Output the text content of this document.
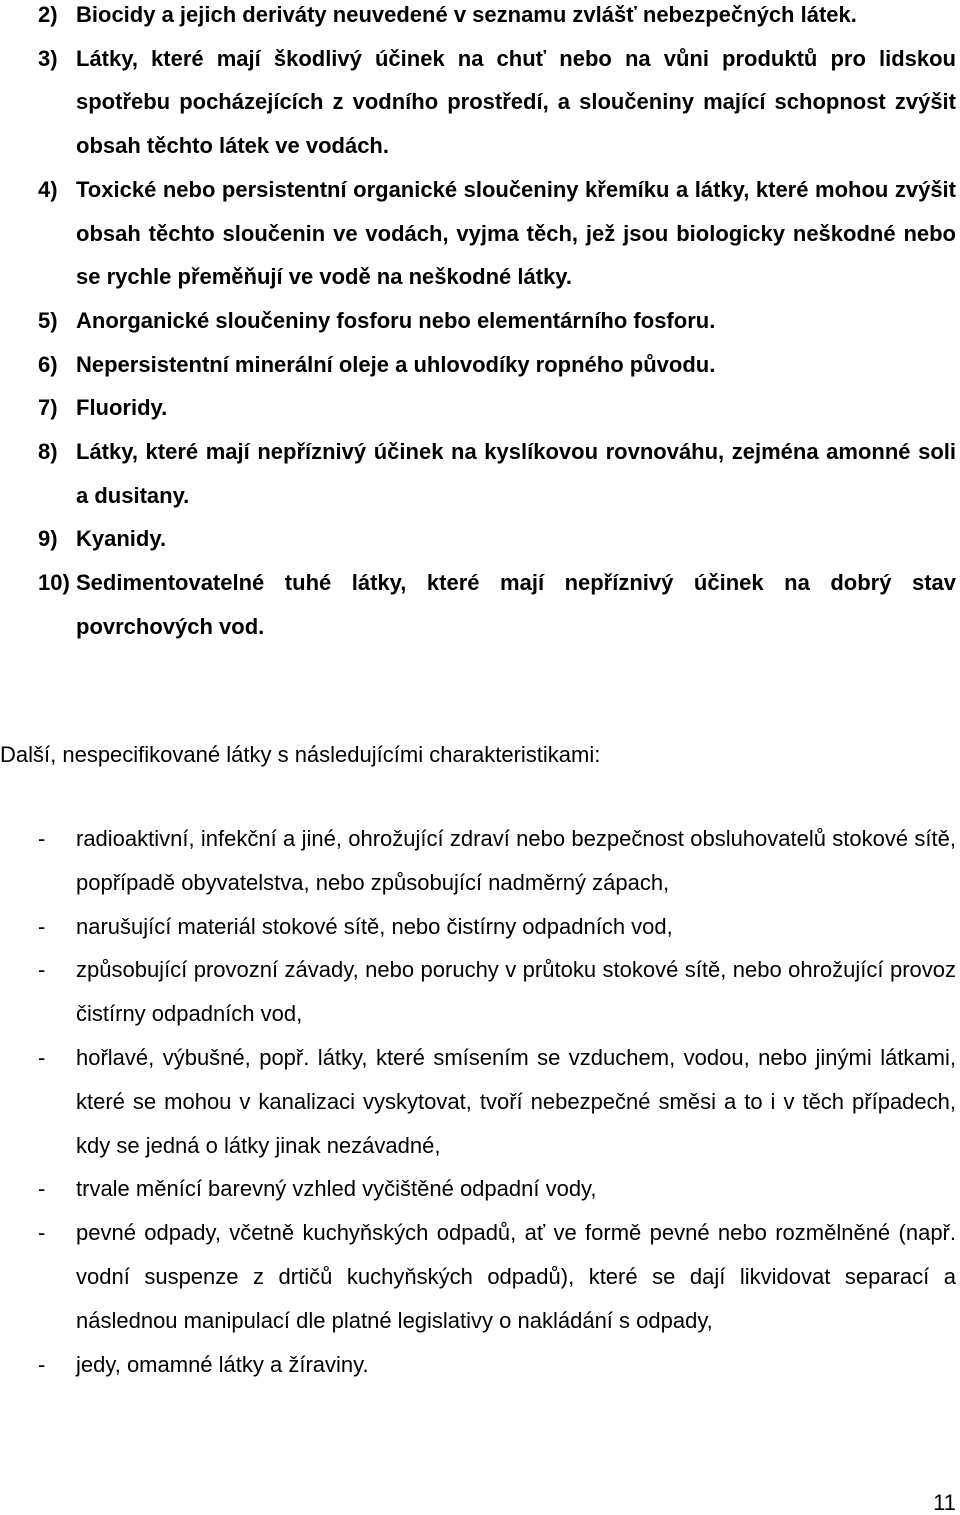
2) Biocidy a jejich deriváty neuvedené v seznamu zvlášť nebezpečných látek.
3) Látky, které mají škodlivý účinek na chuť nebo na vůni produktů pro lidskou spotřebu pocházejících z vodního prostředí, a sloučeniny mající schopnost zvýšit obsah těchto látek ve vodách.
4) Toxické nebo persistentní organické sloučeniny křemíku a látky, které mohou zvýšit obsah těchto sloučenin ve vodách, vyjma těch, jež jsou biologicky neškodné nebo se rychle přeměňují ve vodě na neškodné látky.
5) Anorganické sloučeniny fosforu nebo elementárního fosforu.
6) Nepersistentní minerální oleje a uhlovodíky ropného původu.
7) Fluoridy.
8) Látky, které mají nepříznivý účinek na kyslíkovou rovnováhu, zejména amonné soli a dusitany.
9) Kyanidy.
10) Sedimentovatelné tuhé látky, které mají nepříznivý účinek na dobrý stav povrchových vod.
Další, nespecifikované látky s následujícími charakteristikami:
- radioaktivní, infekční a jiné, ohrožující zdraví nebo bezpečnost obsluhovatelů stokové sítě, popřípadě obyvatelstva, nebo způsobující nadměrný zápach,
- narušující materiál stokové sítě, nebo čistírny odpadních vod,
- způsobující provozní závady, nebo poruchy v průtoku stokové sítě, nebo ohrožující provoz čistírny odpadních vod,
- hořlavé, výbušné, popř. látky, které smísením se vzduchem, vodou, nebo jinými látkami, které se mohou v kanalizaci vyskytovat, tvoří nebezpečné směsi a to i v těch případech, kdy se jedná o látky jinak nezávadné,
- trvale měnící barevný vzhled vyčištěné odpadní vody,
- pevné odpady, včetně kuchyňských odpadů, ať ve formě pevné nebo rozmělněné (např. vodní suspenze z drtičů kuchyňských odpadů), které se dají likvidovat separací a následnou manipulací dle platné legislativy o nakládání s odpady,
- jedy, omamné látky a žíraviny.
11
